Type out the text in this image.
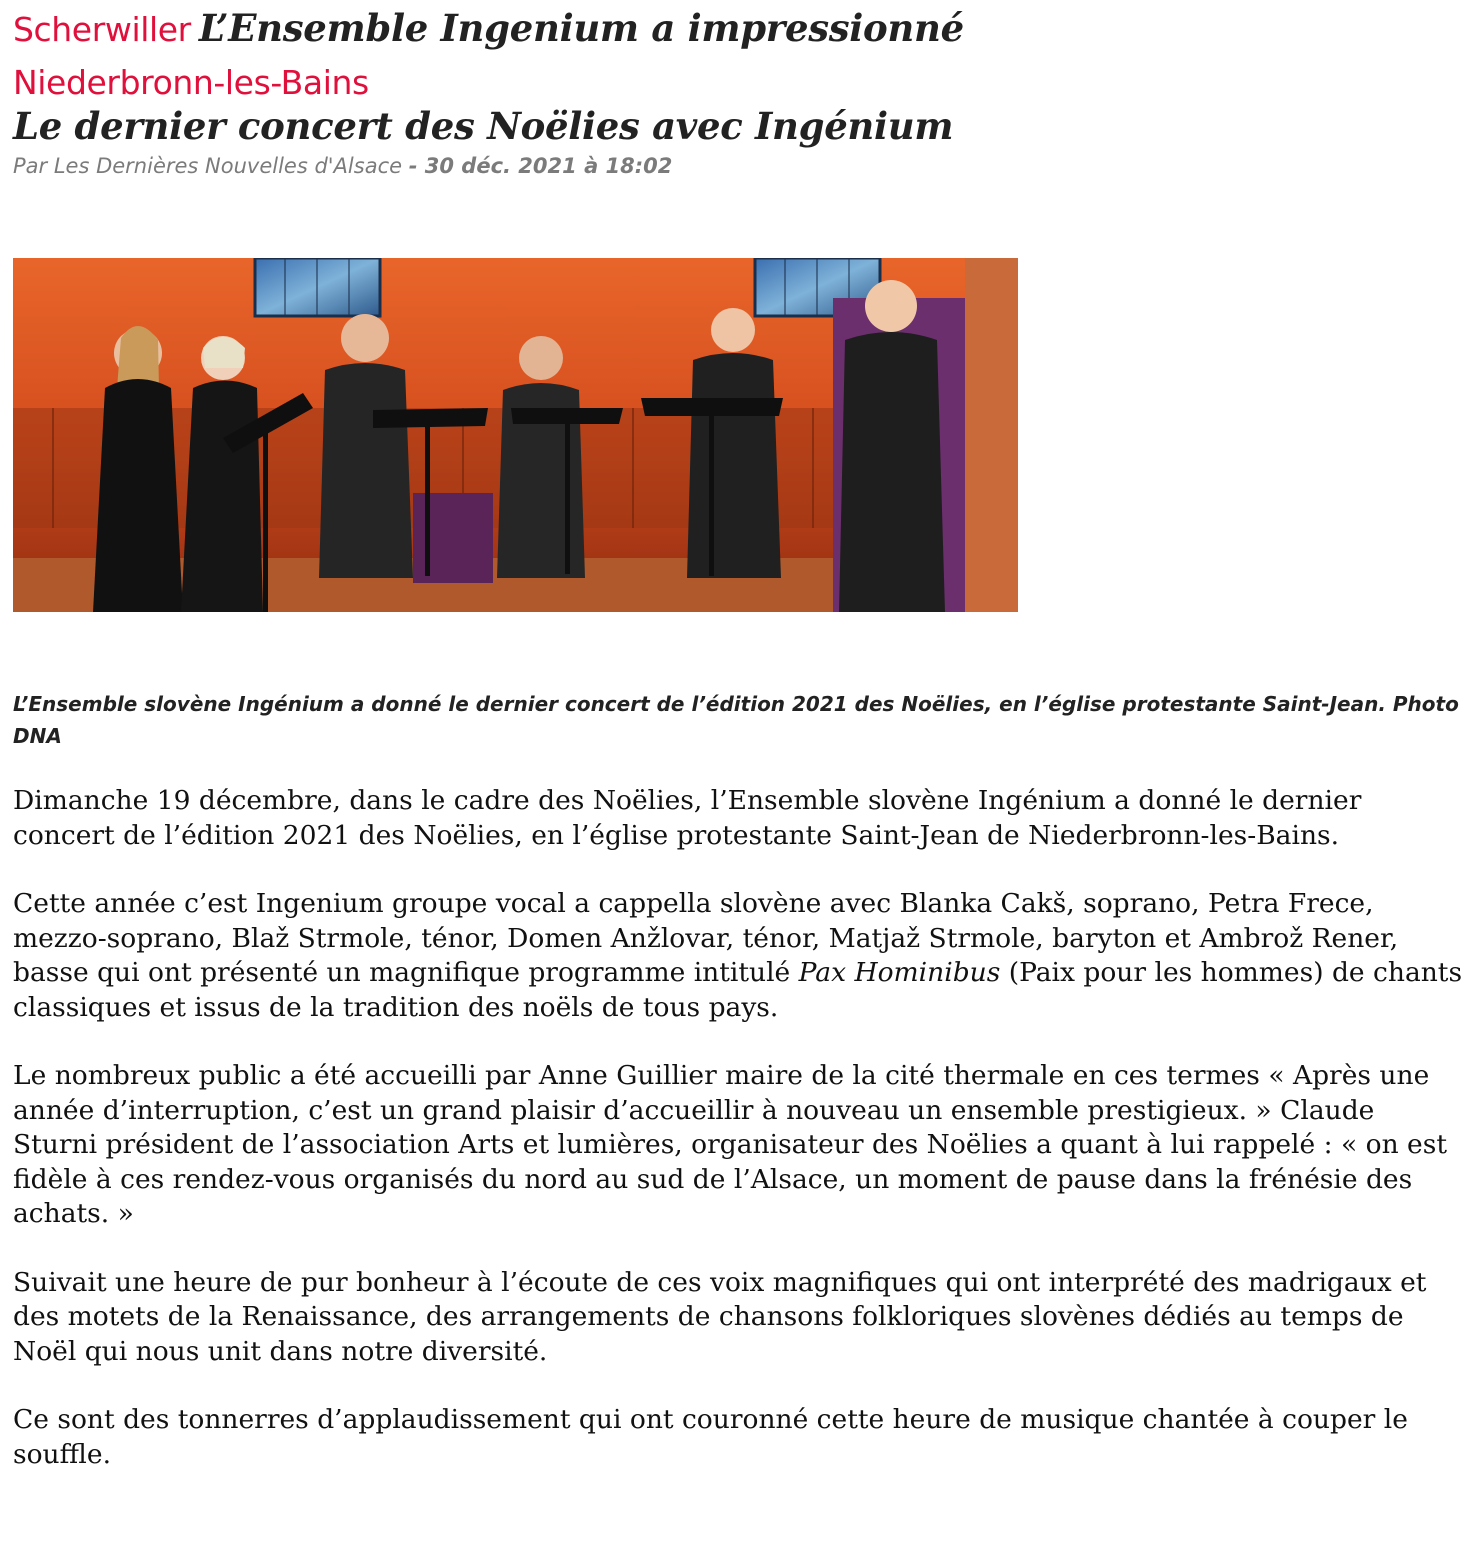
Scherwiller L’Ensemble Ingenium a impressionné
Niederbronn-les-Bains
Le dernier concert des Noëlies avec Ingénium
Par Les Dernières Nouvelles d'Alsace - 30 déc. 2021 à 18:02
L’Ensemble slovène Ingénium a donné le dernier concert de l’édition 2021 des Noëlies, en l’église protestante Saint-Jean. Photo DNA

Dimanche 19 décembre, dans le cadre des Noëlies, l’Ensemble slovène Ingénium a donné le dernier concert de l’édition 2021 des Noëlies, en l’église protestante Saint-Jean de Niederbronn-les-Bains.

Cette année c’est Ingenium groupe vocal a cappella slovène avec Blanka Cakš, soprano, Petra Frece, mezzo-soprano, Blaž Strmole, ténor, Domen Anžlovar, ténor, Matjaž Strmole, baryton et Ambrož Rener, basse qui ont présenté un magnifique programme intitulé Pax Hominibus (Paix pour les hommes) de chants classiques et issus de la tradition des noëls de tous pays.

Le nombreux public a été accueilli par Anne Guillier maire de la cité thermale en ces termes « Après une année d’interruption, c’est un grand plaisir d’accueillir à nouveau un ensemble prestigieux. » Claude Sturni président de l’association Arts et lumières, organisateur des Noëlies a quant à lui rappelé : « on est fidèle à ces rendez-vous organisés du nord au sud de l’Alsace, un moment de pause dans la frénésie des achats. »

Suivait une heure de pur bonheur à l’écoute de ces voix magnifiques qui ont interprété des madrigaux et des motets de la Renaissance, des arrangements de chansons folkloriques slovènes dédiés au temps de Noël qui nous unit dans notre diversité.

Ce sont des tonnerres d’applaudissement qui ont couronné cette heure de musique chantée à couper le souffle.
